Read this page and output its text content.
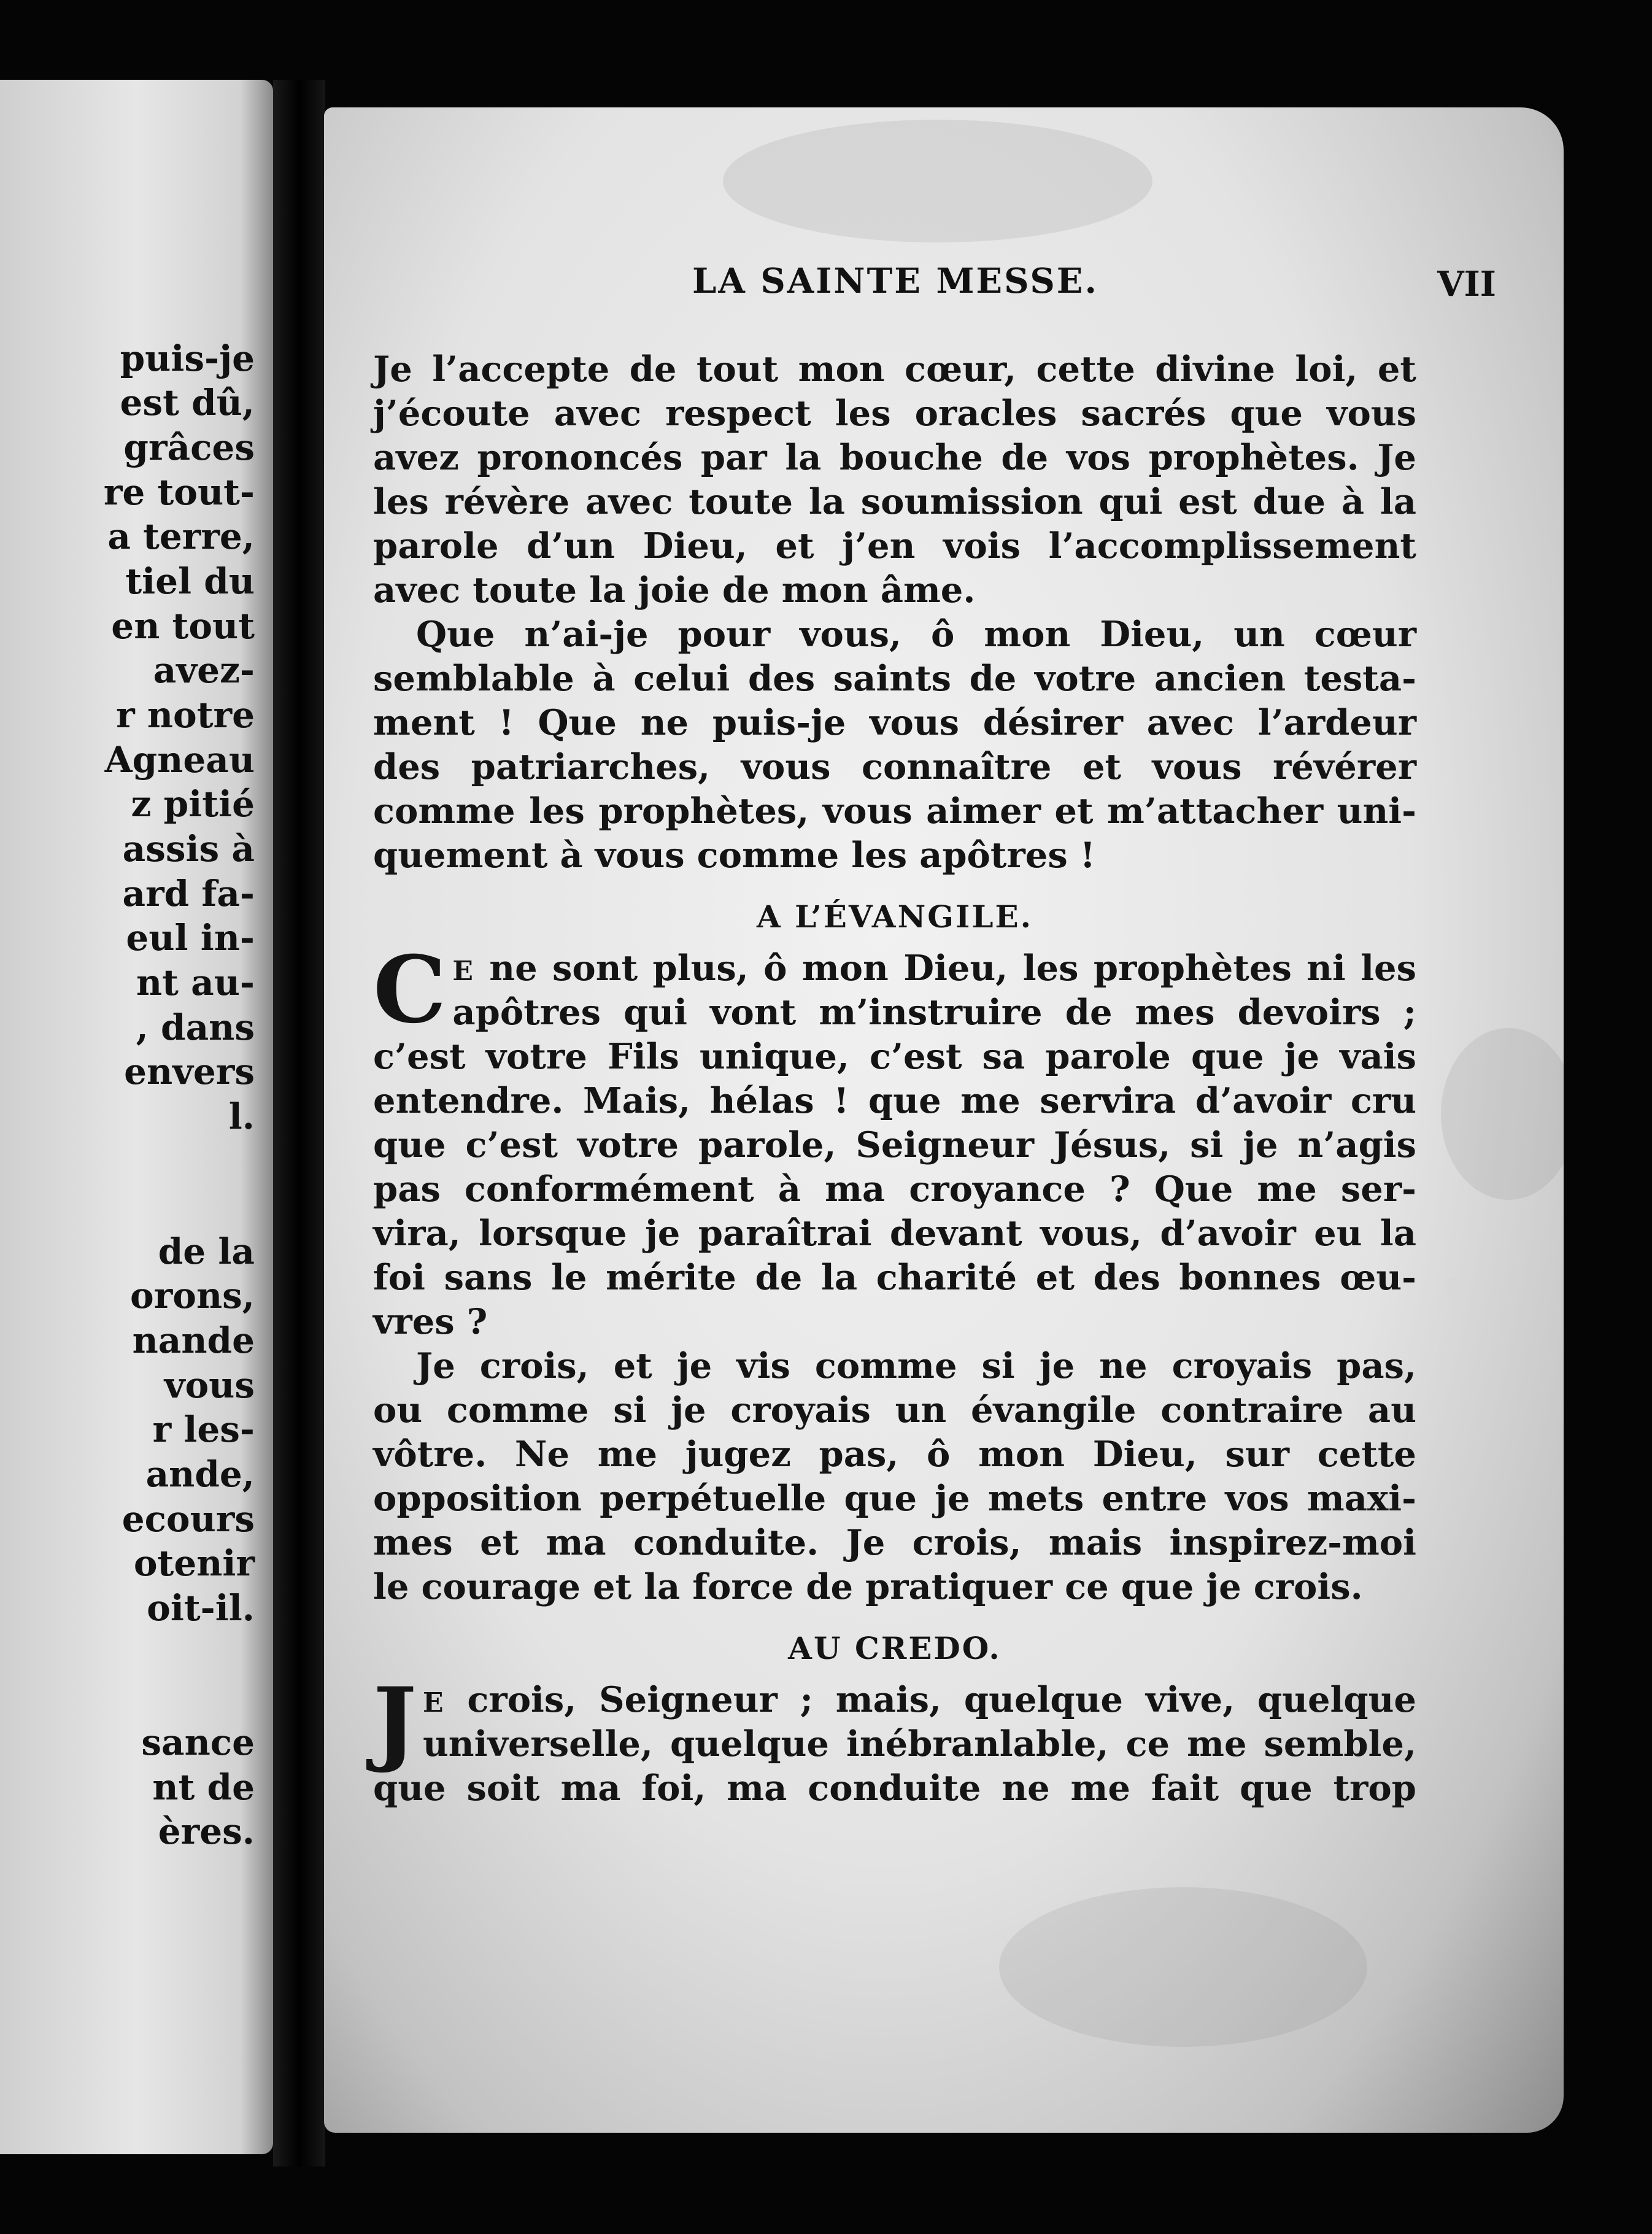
puis-je
est dû,
grâces
re tout-
a terre,
tiel du
en tout
avez-
r notre
Agneau
z pitié
assis à
ard fa-
eul in-
nt au-
, dans
envers
l.
de la
orons,
nande
vous
r les-
ande,
ecours
otenir
oit-il.
sance
nt de
ères.
LA SAINTE MESSE.	VII
Je l’accepte de tout mon cœur, cette divine loi, et
j’écoute avec respect les oracles sacrés que vous
avez prononcés par la bouche de vos prophètes. Je
les révère avec toute la soumission qui est due à la
parole d’un Dieu, et j’en vois l’accomplissement
avec toute la joie de mon âme.
Que n’ai-je pour vous, ô mon Dieu, un cœur
semblable à celui des saints de votre ancien testa-
ment ! Que ne puis-je vous désirer avec l’ardeur
des patriarches, vous connaître et vous révérer
comme les prophètes, vous aimer et m’attacher uni-
quement à vous comme les apôtres !
A L’ÉVANGILE.
C E ne sont plus, ô mon Dieu, les prophètes ni les
apôtres qui vont m’instruire de mes devoirs ;
c’est votre Fils unique, c’est sa parole que je vais
entendre. Mais, hélas ! que me servira d’avoir cru
que c’est votre parole, Seigneur Jésus, si je n’agis
pas conformément à ma croyance ? Que me ser-
vira, lorsque je paraîtrai devant vous, d’avoir eu la
foi sans le mérite de la charité et des bonnes œu-
vres ?
Je crois, et je vis comme si je ne croyais pas,
ou comme si je croyais un évangile contraire au
vôtre. Ne me jugez pas, ô mon Dieu, sur cette
opposition perpétuelle que je mets entre vos maxi-
mes et ma conduite. Je crois, mais inspirez-moi
le courage et la force de pratiquer ce que je crois.
AU CREDO.
J E crois, Seigneur ; mais, quelque vive, quelque
universelle, quelque inébranlable, ce me semble,
que soit ma foi, ma conduite ne me fait que trop
